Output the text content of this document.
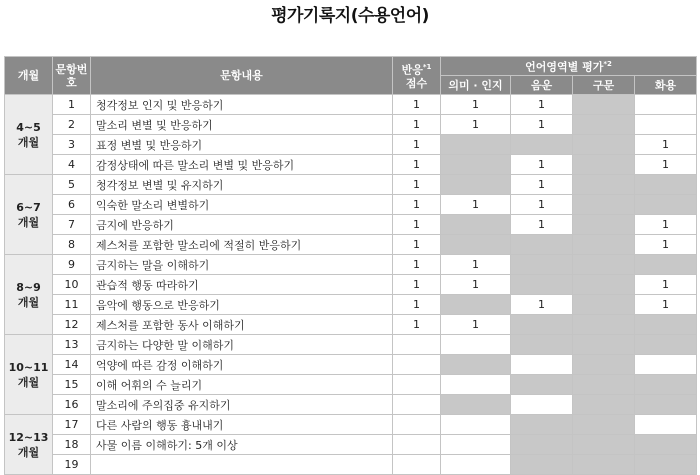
평가기록지(수용언어)
개월	문항번호	문항내용	반응$^{*1}$
점수	언어영역별 평가$^{*2}$
				의미 · 인지	음운	구문	화용
4~5
개월	1	청각정보 인지 및 반응하기	1	1	1		
	2	말소리 변별 및 반응하기	1	1	1		
	3	표정 변별 및 반응하기	1				1
	4	감정상태에 따른 말소리 변별 및 반응하기	1		1		1
6~7
개월	5	청각정보 변별 및 유지하기	1		1		
	6	익숙한 말소리 변별하기	1	1	1		
	7	금지에 반응하기	1		1		1
	8	제스처를 포함한 말소리에 적절히 반응하기	1				1
8~9
개월	9	금지하는 말을 이해하기	1	1			
	10	관습적 행동 따라하기	1	1			1
	11	음악에 행동으로 반응하기	1		1		1
	12	제스처를 포함한 동사 이해하기	1	1			
10~11
개월	13	금지하는 다양한 말 이해하기					
	14	억양에 따른 감정 이해하기					
	15	이해 어휘의 수 늘리기					
	16	말소리에 주의집중 유지하기					
12~13
개월	17	다른 사람의 행동 흉내내기					
	18	사물 이름 이해하기: 5개 이상					
	19						
